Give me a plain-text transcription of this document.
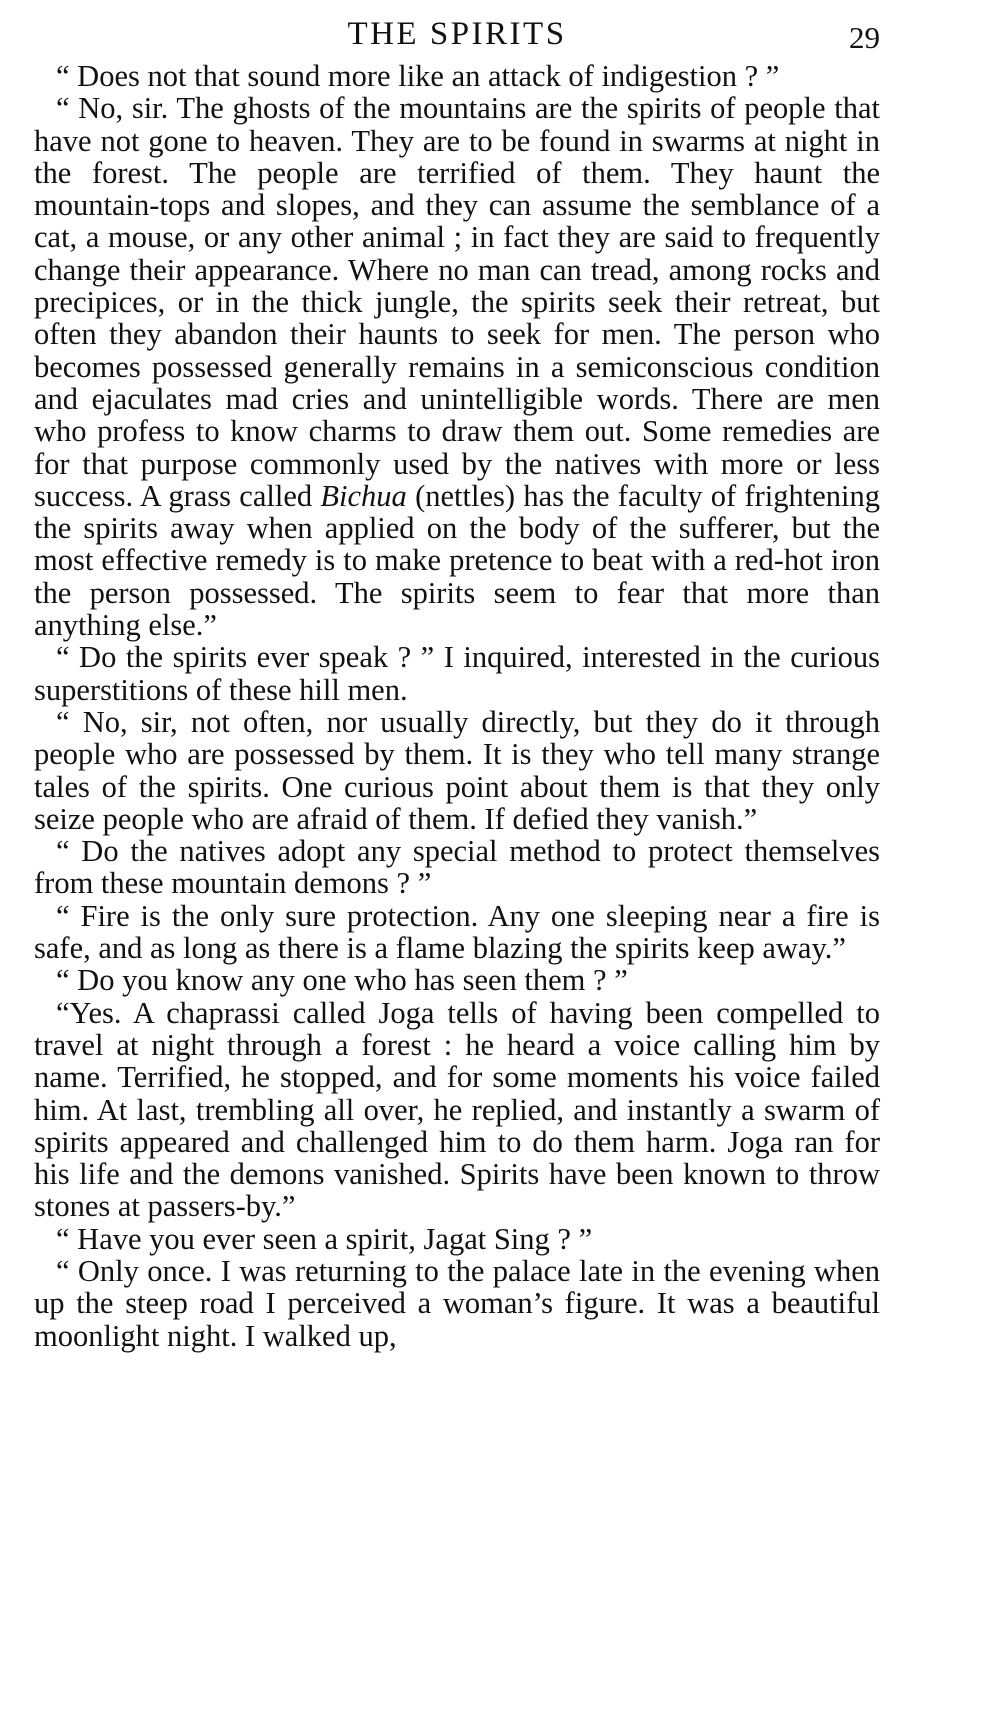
THE SPIRITS	29

“ Does not that sound more like an attack of indigestion ? ”

“ No, sir. The ghosts of the mountains are the spirits of people that have not gone to heaven. They are to be found in swarms at night in the forest. The people are terrified of them. They haunt the mountain-tops and slopes, and they can assume the semblance of a cat, a mouse, or any other animal ; in fact they are said to frequently change their appearance. Where no man can tread, among rocks and precipices, or in the thick jungle, the spirits seek their retreat, but often they abandon their haunts to seek for men. The person who becomes possessed generally remains in a semiconscious condition and ejaculates mad cries and unintelligible words. There are men who profess to know charms to draw them out. Some remedies are for that purpose commonly used by the natives with more or less success. A grass called Bichua (nettles) has the faculty of frightening the spirits away when applied on the body of the sufferer, but the most effective remedy is to make pretence to beat with a red-hot iron the person possessed. The spirits seem to fear that more than anything else.”

“ Do the spirits ever speak ? ” I inquired, interested in the curious superstitions of these hill men.

“ No, sir, not often, nor usually directly, but they do it through people who are possessed by them. It is they who tell many strange tales of the spirits. One curious point about them is that they only seize people who are afraid of them. If defied they vanish.”

“ Do the natives adopt any special method to protect themselves from these mountain demons ? ”

“ Fire is the only sure protection. Any one sleeping near a fire is safe, and as long as there is a flame blazing the spirits keep away.”

“ Do you know any one who has seen them ? ”

“Yes. A chaprassi called Joga tells of having been compelled to travel at night through a forest : he heard a voice calling him by name. Terrified, he stopped, and for some moments his voice failed him. At last, trembling all over, he replied, and instantly a swarm of spirits appeared and challenged him to do them harm. Joga ran for his life and the demons vanished. Spirits have been known to throw stones at passers-by.”

“ Have you ever seen a spirit, Jagat Sing ? ”

“ Only once. I was returning to the palace late in the evening when up the steep road I perceived a woman’s figure. It was a beautiful moonlight night. I walked up,
